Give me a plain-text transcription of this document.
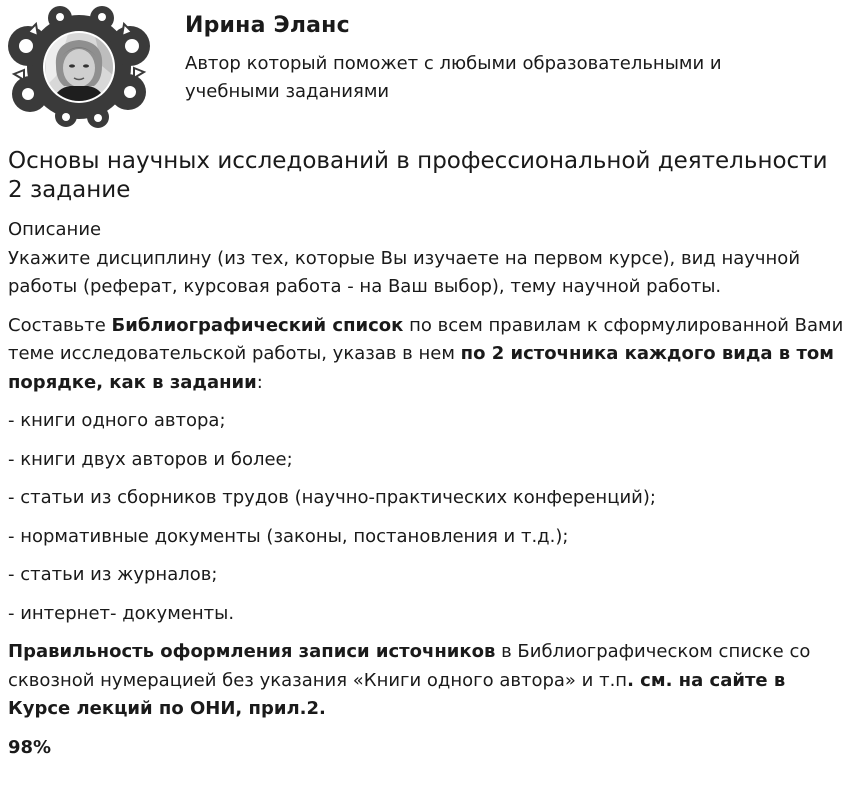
Ирина Эланс
Автор который поможет с любыми образовательными и учебными заданиями
Основы научных исследований в профессиональной деятельности 2 задание

Описание

Укажите дисциплину (из тех, которые Вы изучаете на первом курсе), вид научной работы (реферат, курсовая работа - на Ваш выбор), тему научной работы.

Составьте Библиографический список по всем правилам к сформулированной Вами теме исследовательской работы, указав в нем по 2 источника каждого вида в том порядке, как в задании:

- книги одного автора;

- книги двух авторов и более;

- статьи из сборников трудов (научно-практических конференций);

- нормативные документы (законы, постановления и т.д.);

- статьи из журналов;

- интернет- документы.

Правильность оформления записи источников в Библиографическом списке со сквозной нумерацией без указания «Книги одного автора» и т.п. см. на сайте в Курсе лекций по ОНИ, прил.2.

98%
